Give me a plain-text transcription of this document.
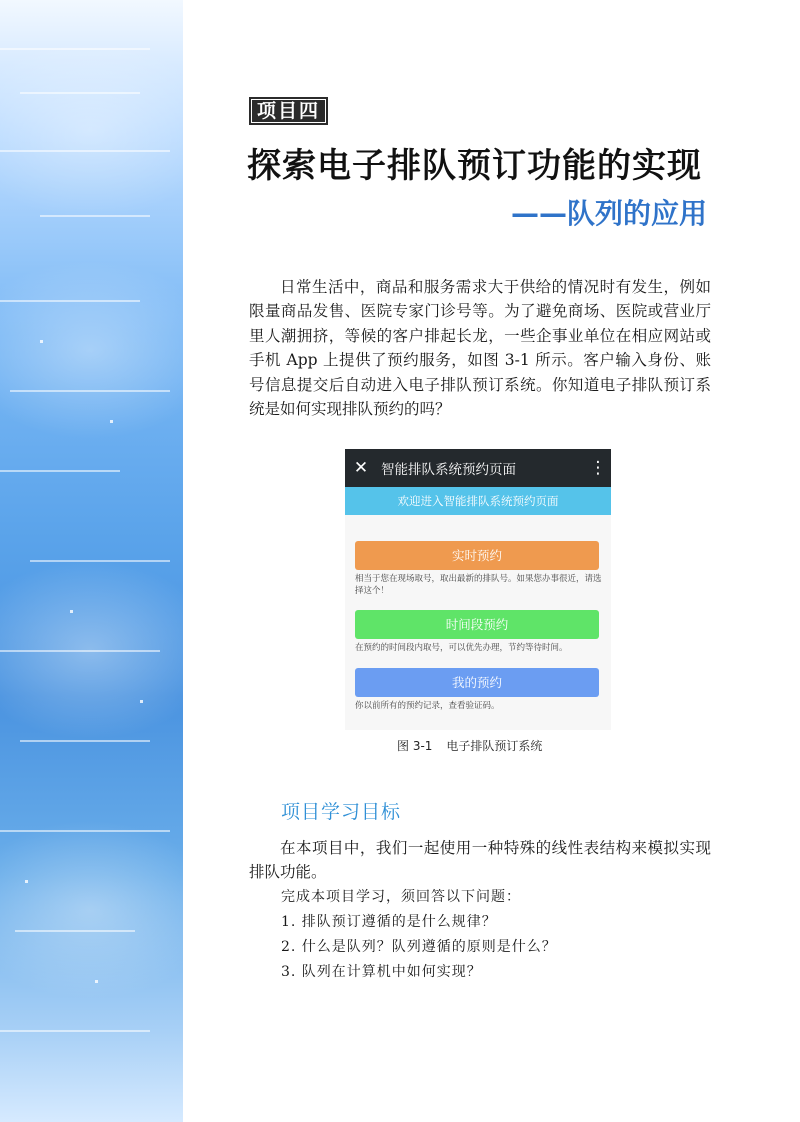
项目四
探索电子排队预订功能的实现
——队列的应用
日常生活中，商品和服务需求大于供给的情况时有发生，例如限量商品发售、医院专家门诊号等。为了避免商场、医院或营业厅里人潮拥挤，等候的客户排起长龙，一些企事业单位在相应网站或手机 App 上提供了预约服务，如图 3-1 所示。客户输入身份、账号信息提交后自动进入电子排队预订系统。你知道电子排队预订系统是如何实现排队预约的吗？
✕ 智能排队系统预约页面	⋮
欢迎进入智能排队系统预约页面
实时预约
相当于您在现场取号，取出最新的排队号。如果您办事很近，请选择这个！
时间段预约
在预约的时间段内取号，可以优先办理，节约等待时间。
我的预约
你以前所有的预约记录，查看验证码。
图 3-1 电子排队预订系统
项目学习目标
在本项目中，我们一起使用一种特殊的线性表结构来模拟实现排队功能。
完成本项目学习，须回答以下问题：
1. 排队预订遵循的是什么规律？
2. 什么是队列？队列遵循的原则是什么？
3. 队列在计算机中如何实现？
